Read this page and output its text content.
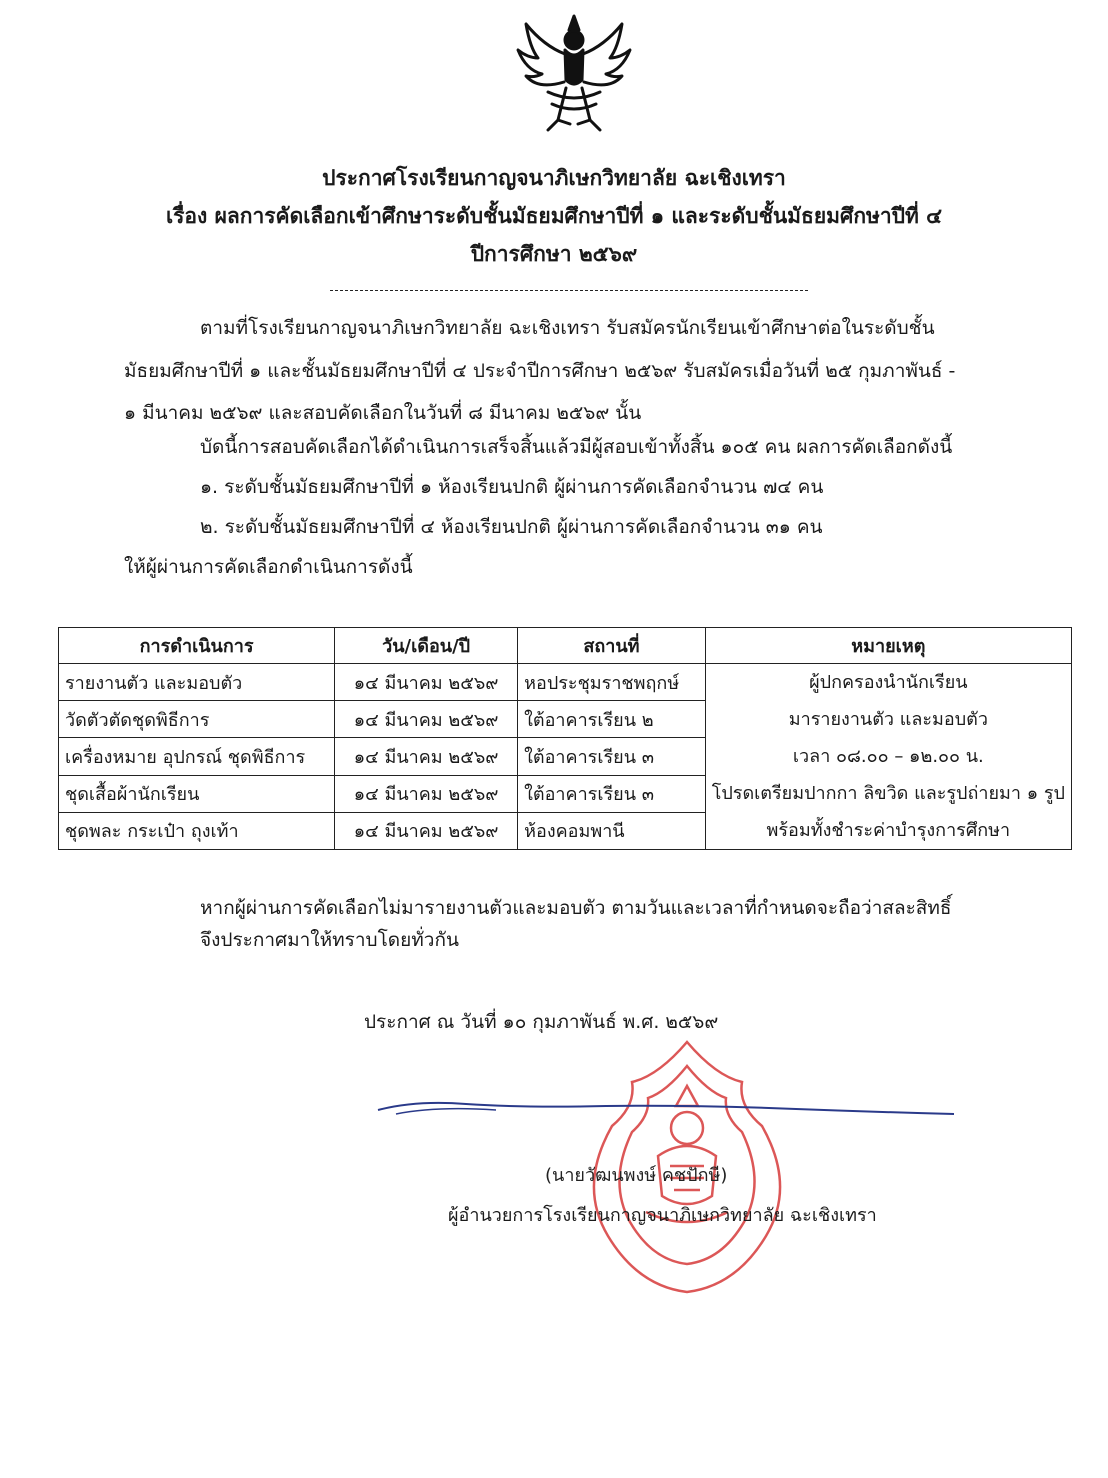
ประกาศโรงเรียนกาญจนาภิเษกวิทยาลัย ฉะเชิงเทรา
เรื่อง ผลการคัดเลือกเข้าศึกษาระดับชั้นมัธยมศึกษาปีที่ ๑ และระดับชั้นมัธยมศึกษาปีที่ ๔
ปีการศึกษา ๒๕๖๙
ตามที่โรงเรียนกาญจนาภิเษกวิทยาลัย ฉะเชิงเทรา รับสมัครนักเรียนเข้าศึกษาต่อในระดับชั้น
มัธยมศึกษาปีที่ ๑ และชั้นมัธยมศึกษาปีที่ ๔ ประจำปีการศึกษา ๒๕๖๙ รับสมัครเมื่อวันที่ ๒๕ กุมภาพันธ์ -
๑ มีนาคม ๒๕๖๙ และสอบคัดเลือกในวันที่ ๘ มีนาคม ๒๕๖๙ นั้น
บัดนี้การสอบคัดเลือกได้ดำเนินการเสร็จสิ้นแล้วมีผู้สอบเข้าทั้งสิ้น ๑๐๕ คน ผลการคัดเลือกดังนี้
๑. ระดับชั้นมัธยมศึกษาปีที่ ๑ ห้องเรียนปกติ ผู้ผ่านการคัดเลือกจำนวน ๗๔ คน
๒. ระดับชั้นมัธยมศึกษาปีที่ ๔ ห้องเรียนปกติ ผู้ผ่านการคัดเลือกจำนวน ๓๑ คน
ให้ผู้ผ่านการคัดเลือกดำเนินการดังนี้
การดำเนินการ	วัน/เดือน/ปี	สถานที่	หมายเหตุ
รายงานตัว และมอบตัว	๑๔ มีนาคม ๒๕๖๙	หอประชุมราชพฤกษ์	ผู้ปกครองนำนักเรียน
มารายงานตัว และมอบตัว
เวลา ๐๘.๐๐ – ๑๒.๐๐ น.
โปรดเตรียมปากกา ลิขวิด และรูปถ่ายมา ๑ รูป
พร้อมทั้งชำระค่าบำรุงการศึกษา

วัดตัวตัดชุดพิธีการ	๑๔ มีนาคม ๒๕๖๙	ใต้อาคารเรียน ๒	
เครื่องหมาย อุปกรณ์ ชุดพิธีการ	๑๔ มีนาคม ๒๕๖๙	ใต้อาคารเรียน ๓	
ชุดเสื้อผ้านักเรียน	๑๔ มีนาคม ๒๕๖๙	ใต้อาคารเรียน ๓	
ชุดพละ กระเป๋า ถุงเท้า	๑๔ มีนาคม ๒๕๖๙	ห้องคอมพานี	
หากผู้ผ่านการคัดเลือกไม่มารายงานตัวและมอบตัว ตามวันและเวลาที่กำหนดจะถือว่าสละสิทธิ์
จึงประกาศมาให้ทราบโดยทั่วกัน
ประกาศ ณ วันที่ ๑๐ กุมภาพันธ์ พ.ศ. ๒๕๖๙
(นายวัฒนพงษ์ คชปักษี)
ผู้อำนวยการโรงเรียนกาญจนาภิเษกวิทยาลัย ฉะเชิงเทรา
